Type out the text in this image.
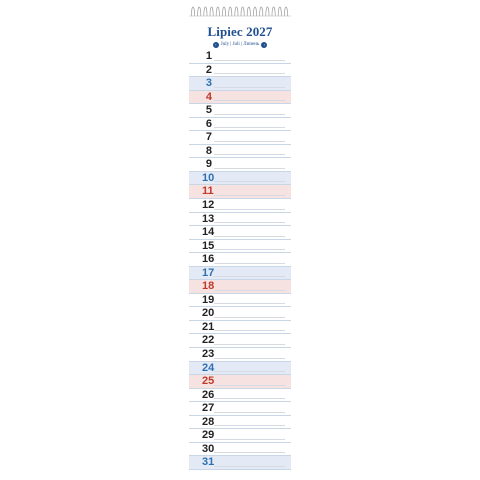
Lipiec 2027
‹ July | Juli | Липень	›
1
2
3
4
5
6
7
8
9
10
11
12
13
14
15
16
17
18
19
20
21
22
23
24
25
26
27
28
29
30
31
